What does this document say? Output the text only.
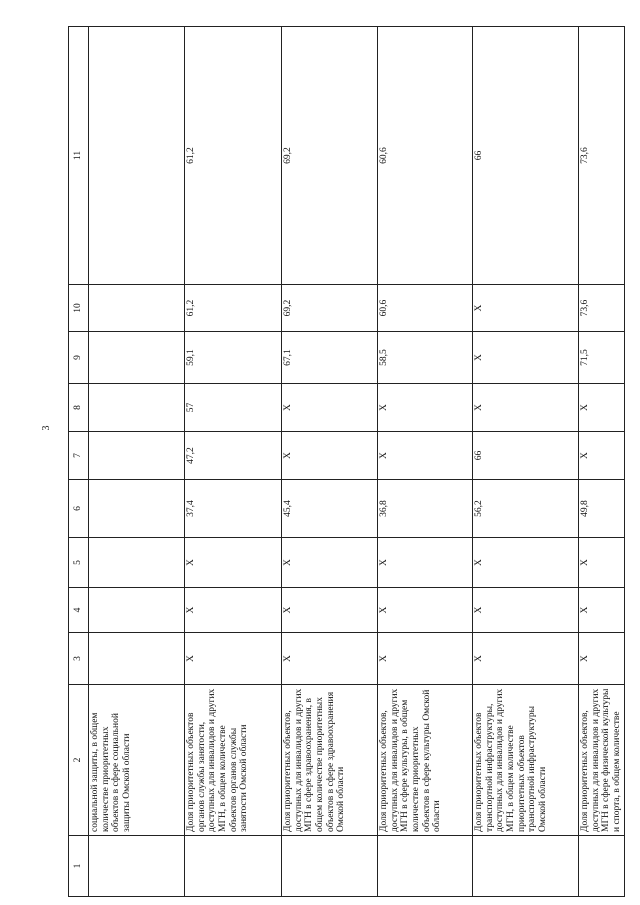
3
1	2	3	4	5	6	7	8	9	10	11
	социальной защиты, в общем количестве приоритетных объектов в сфере социальной защиты Омской области									
	Доля приоритетных объектов органов службы занятости, доступных для инвалидов и других МГН, в общем количестве объектов органов службы занятости Омской области	X	X	X	37,4	47,2	57	59,1	61,2	61,2
	Доля приоритетных объектов, доступных для инвалидов и других МГН в сфере здравоохранения, в общем количестве приоритетных объектов в сфере здравоохранения Омской области	X	X	X	45,4	X	X	67,1	69,2	69,2
	Доля приоритетных объектов, доступных для инвалидов и других МГН в сфере культуры, в общем количестве приоритетных объектов в сфере культуры Омской области	X	X	X	36,8	X	X	58,5	60,6	60,6
	Доля приоритетных объектов транспортной инфраструктуры, доступных для инвалидов и других МГН, в общем количестве приоритетных объектов транспортной инфраструктуры Омской области	X	X	X	56,2	66	X	X	X	66
	Доля приоритетных объектов, доступных для инвалидов и других МГН в сфере физической культуры и спорта, в общем количестве	X	X	X	49,8	X	X	71,5	73,6	73,6
